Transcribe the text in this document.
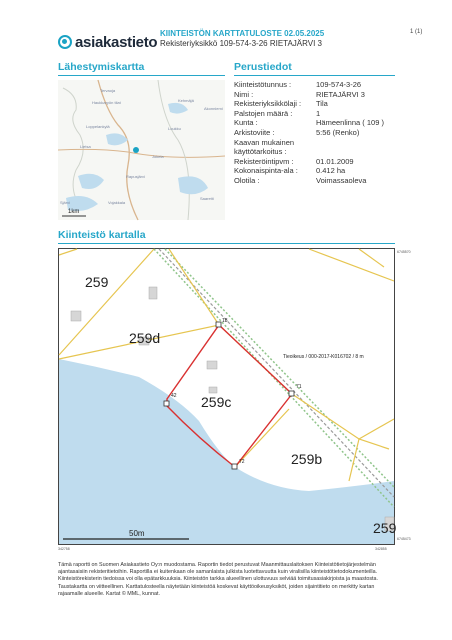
asiakastieto KIINTEISTÖN KARTTATULOSTE 02.05.2025
Rekisteriyksikkö 109-574-3-26 RIETAJÄRVI 3
1 (1)
Lähestymiskartta	Perustiedot
Haukkaryön tilat
Tervaoja
Kehmäjä
Loppelankylä
Lietsa
Sjärvi
Jokela
Vojakkala
Rapusjärvi
Akonniemi
Loukku
Saaretti
1km
Kiinteistötunnus :	109-574-3-26
Nimi :	RIETAJÄRVI 3
Rekisteriyksikkölaji :	Tila
Palstojen määrä :	1
Kunta :	Hämeenlinna ( 109 )
Arkistoviite :	5:56 (Renko)
Kaavan mukainen
käyttötarkoitus :
Rekisteröintipvm :	01.01.2009
Kokonaispinta-ala :	0.412 ha
Olotila :	Voimassaoleva
Kiinteistö kartalla
259
259d
259c
259b
259
18
71
72
42
Tieoikeus / 000-2017-K016702 / 8 m
50m
6745570
6745473
342758	342855
Tämä raportti on Suomen Asiakastieto Oy:n muodostama. Raportin tiedot perustuvat Maanmittauslaitoksen Kiinteistötietojärjestelmän ajantasaisiin rekisteritietoihin. Raportilla ei kuitenkaan ole samanlaista julkista luotettavuutta kuin viralisilla kiinteistötietodokumenteilla. Kiinteistörekisterin tiedoissa voi olla epätarkkuuksia. Kiinteistön tarkka alueellinen ulottuvuus selviää toimitusasiakirjoista ja maastosta. Taustakartta on viitteellinen. Karttatulosteella näytetään kiinteistöä koskevat käyttöoikeusyksiköt, joiden sijaintitieto on merkitty kartan rajaamalle alueelle. Kartat © MML, kunnat.
